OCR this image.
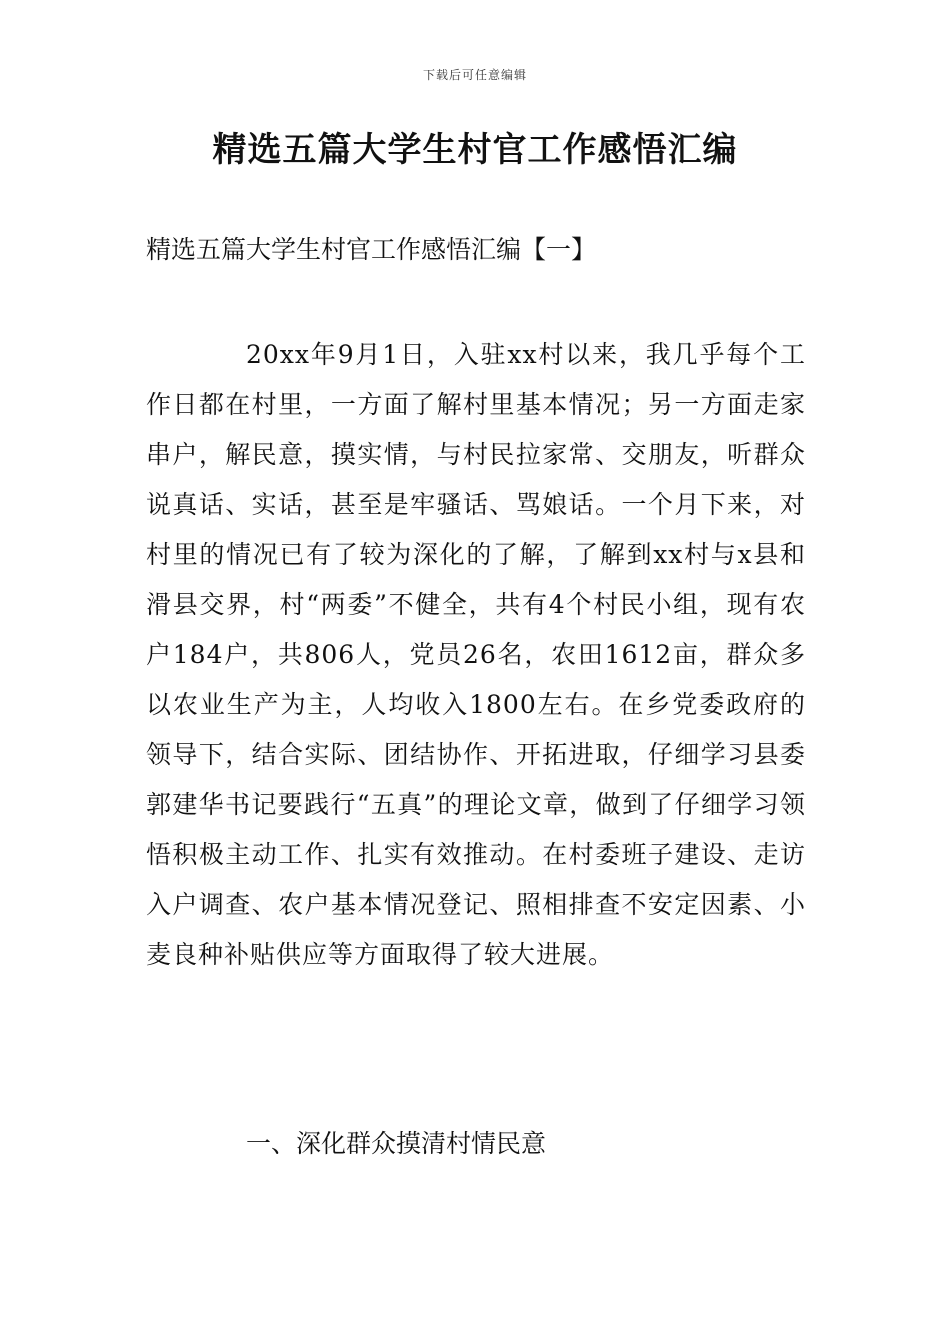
下载后可任意编辑
精选五篇大学生村官工作感悟汇编
精选五篇大学生村官工作感悟汇编【一】

20xx年9月1日，入驻xx村以来，我几乎每个工作日都在村里，一方面了解村里基本情况；另一方面走家串户，解民意，摸实情，与村民拉家常、交朋友，听群众说真话、实话，甚至是牢骚话、骂娘话。一个月下来，对村里的情况已有了较为深化的了解，了解到xx村与x县和滑县交界，村“两委”不健全，共有4个村民小组，现有农户184户，共806人，党员26名，农田1612亩，群众多以农业生产为主，人均收入1800左右。在乡党委政府的领导下，结合实际、团结协作、开拓进取，仔细学习县委郭建华书记要践行“五真”的理论文章，做到了仔细学习领悟积极主动工作、扎实有效推动。在村委班子建设、走访入户调查、农户基本情况登记、照相排查不安定因素、小麦良种补贴供应等方面取得了较大进展。

一、深化群众摸清村情民意
